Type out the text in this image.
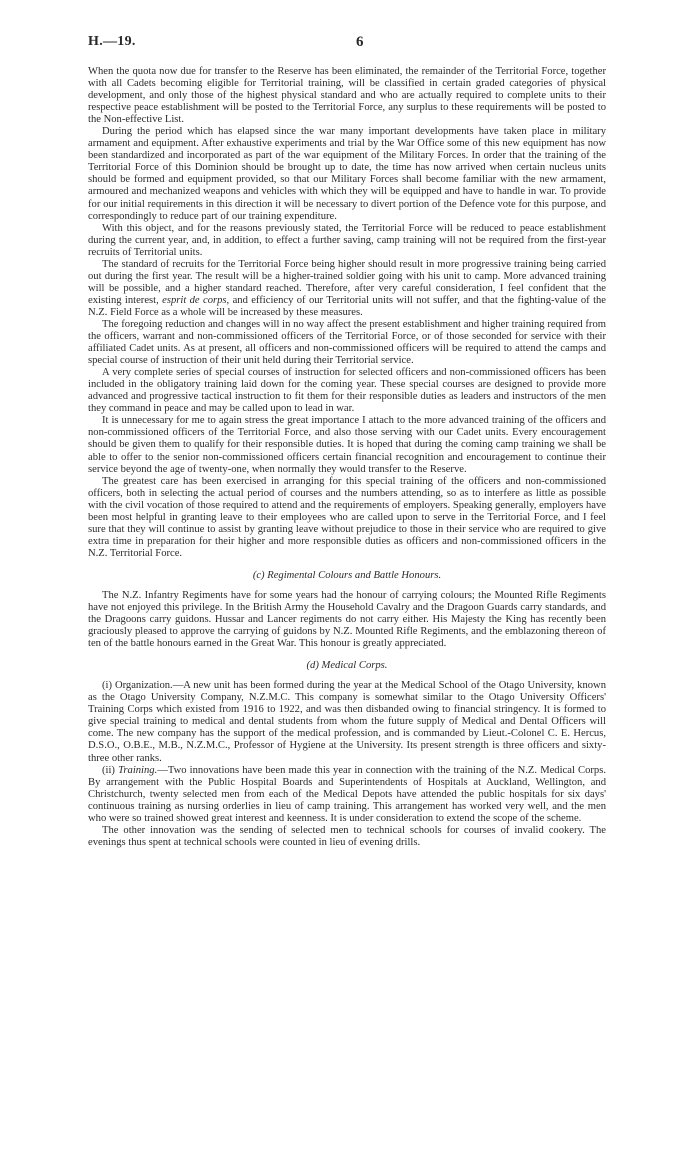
H.—19.	6

When the quota now due for transfer to the Reserve has been eliminated, the remainder of the Territorial Force, together with all Cadets becoming eligible for Territorial training, will be classified in certain graded categories of physical development, and only those of the highest physical standard and who are actually required to complete units to their respective peace establishment will be posted to the Territorial Force, any surplus to these requirements will be posted to the Non-effective List.

During the period which has elapsed since the war many important developments have taken place in military armament and equipment. After exhaustive experiments and trial by the War Office some of this new equipment has now been standardized and incorporated as part of the war equipment of the Military Forces. In order that the training of the Territorial Force of this Dominion should be brought up to date, the time has now arrived when certain nucleus units should be formed and equipment provided, so that our Military Forces shall become familiar with the new armament, armoured and mechanized weapons and vehicles with which they will be equipped and have to handle in war. To provide for our initial requirements in this direction it will be necessary to divert portion of the Defence vote for this purpose, and correspondingly to reduce part of our training expenditure.

With this object, and for the reasons previously stated, the Territorial Force will be reduced to peace establishment during the current year, and, in addition, to effect a further saving, camp training will not be required from the first-year recruits of Territorial units.

The standard of recruits for the Territorial Force being higher should result in more progressive training being carried out during the first year. The result will be a higher-trained soldier going with his unit to camp. More advanced training will be possible, and a higher standard reached. Therefore, after very careful consideration, I feel confident that the existing interest, esprit de corps, and efficiency of our Territorial units will not suffer, and that the fighting-value of the N.Z. Field Force as a whole will be increased by these measures.

The foregoing reduction and changes will in no way affect the present establishment and higher training required from the officers, warrant and non-commissioned officers of the Territorial Force, or of those seconded for service with their affiliated Cadet units. As at present, all officers and non-commissioned officers will be required to attend the camps and special course of instruction of their unit held during their Territorial service.

A very complete series of special courses of instruction for selected officers and non-commissioned officers has been included in the obligatory training laid down for the coming year. These special courses are designed to provide more advanced and progressive tactical instruction to fit them for their responsible duties as leaders and instructors of the men they command in peace and may be called upon to lead in war.

It is unnecessary for me to again stress the great importance I attach to the more advanced training of the officers and non-commissioned officers of the Territorial Force, and also those serving with our Cadet units. Every encouragement should be given them to qualify for their responsible duties. It is hoped that during the coming camp training we shall be able to offer to the senior non-commissioned officers certain financial recognition and encouragement to continue their service beyond the age of twenty-one, when normally they would transfer to the Reserve.

The greatest care has been exercised in arranging for this special training of the officers and non-commissioned officers, both in selecting the actual period of courses and the numbers attending, so as to interfere as little as possible with the civil vocation of those required to attend and the requirements of employers. Speaking generally, employers have been most helpful in granting leave to their employees who are called upon to serve in the Territorial Force, and I feel sure that they will continue to assist by granting leave without prejudice to those in their service who are required to give extra time in preparation for their higher and more responsible duties as officers and non-commissioned officers in the N.Z. Territorial Force.

(c) Regimental Colours and Battle Honours.

The N.Z. Infantry Regiments have for some years had the honour of carrying colours; the Mounted Rifle Regiments have not enjoyed this privilege. In the British Army the Household Cavalry and the Dragoon Guards carry standards, and the Dragoons carry guidons. Hussar and Lancer regiments do not carry either. His Majesty the King has recently been graciously pleased to approve the carrying of guidons by N.Z. Mounted Rifle Regiments, and the emblazoning thereon of ten of the battle honours earned in the Great War. This honour is greatly appreciated.

(d) Medical Corps.

(i) Organization.—A new unit has been formed during the year at the Medical School of the Otago University, known as the Otago University Company, N.Z.M.C. This company is somewhat similar to the Otago University Officers' Training Corps which existed from 1916 to 1922, and was then disbanded owing to financial stringency. It is formed to give special training to medical and dental students from whom the future supply of Medical and Dental Officers will come. The new company has the support of the medical profession, and is commanded by Lieut.-Colonel C. E. Hercus, D.S.O., O.B.E., M.B., N.Z.M.C., Professor of Hygiene at the University. Its present strength is three officers and sixty-three other ranks.

(ii) Training.—Two innovations have been made this year in connection with the training of the N.Z. Medical Corps. By arrangement with the Public Hospital Boards and Superintendents of Hospitals at Auckland, Wellington, and Christchurch, twenty selected men from each of the Medical Depots have attended the public hospitals for six days' continuous training as nursing orderlies in lieu of camp training. This arrangement has worked very well, and the men who were so trained showed great interest and keenness. It is under consideration to extend the scope of the scheme.

The other innovation was the sending of selected men to technical schools for courses of invalid cookery. The evenings thus spent at technical schools were counted in lieu of evening drills.
